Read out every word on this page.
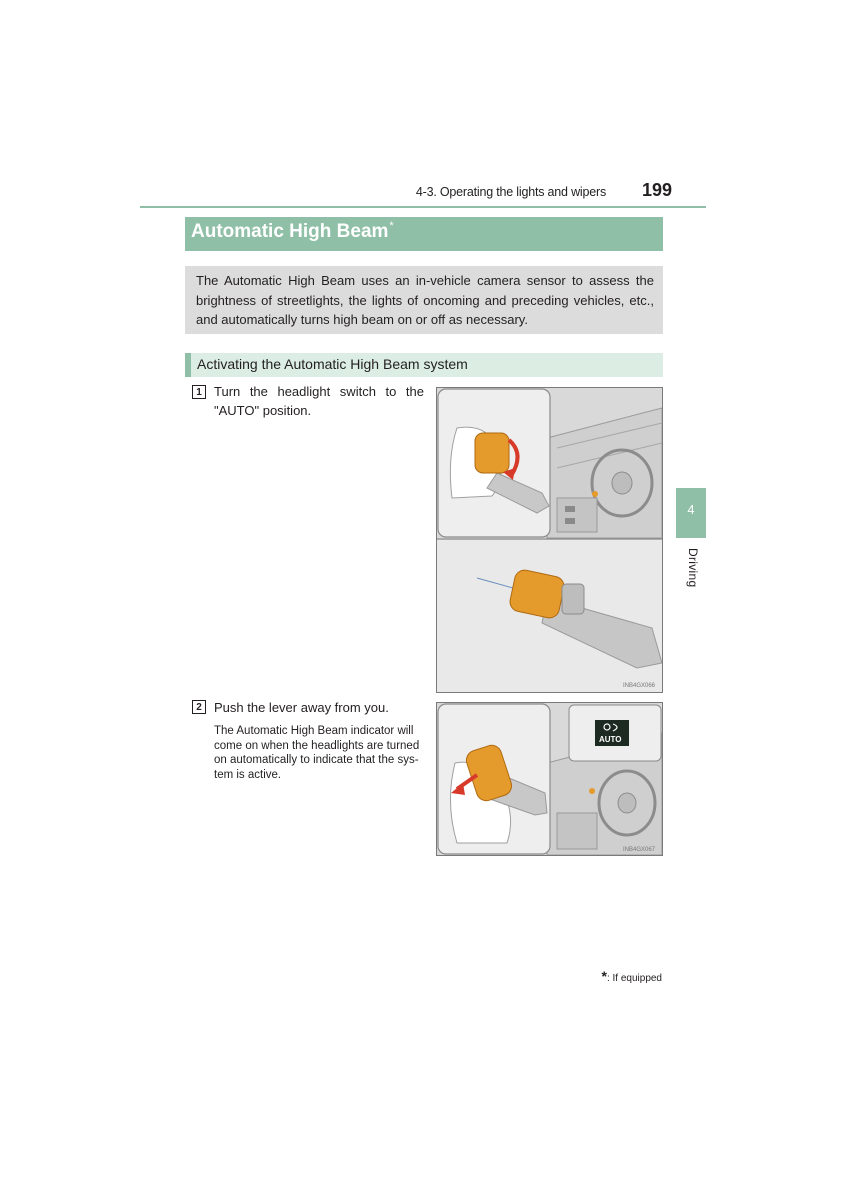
4-3. Operating the lights and wipers	199
4
Driving
Automatic High Beam*
The Automatic High Beam uses an in-vehicle camera sensor to assess the brightness of streetlights, the lights of oncoming and preceding vehicles, etc., and automatically turns high beam on or off as necessary.
Activating the Automatic High Beam system
1 Turn the headlight switch to the "AUTO" position.
INB4GX066
2 Push the lever away from you.
The Automatic High Beam indicator will come on when the headlights are turned on automatically to indicate that the sys-tem is active.
AUTO
INB4GX067
*: If equipped
